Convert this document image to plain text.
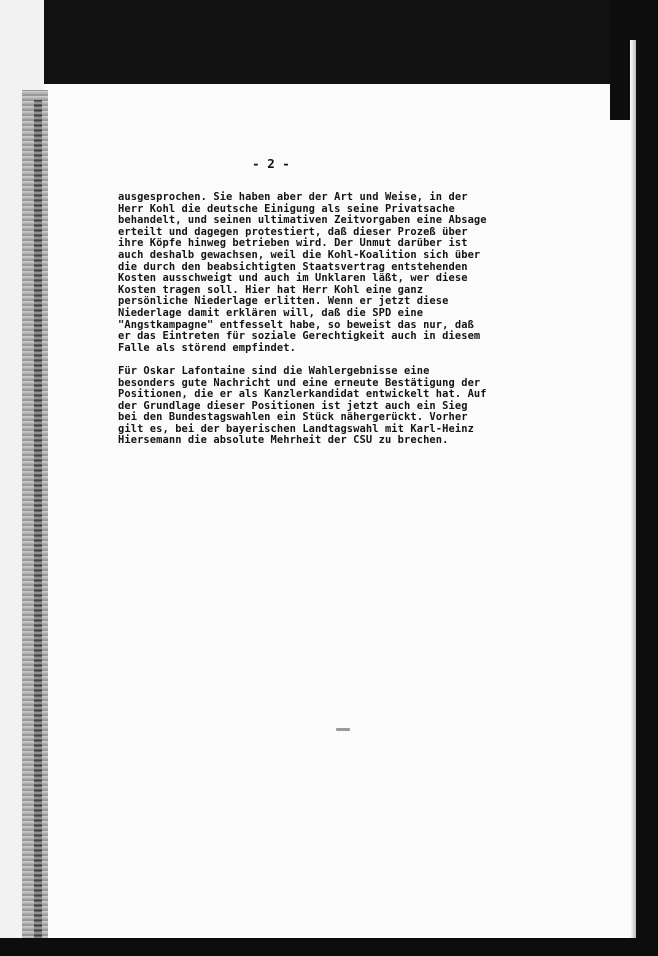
- 2 -
ausgesprochen. Sie haben aber der Art und Weise, in der
Herr Kohl die deutsche Einigung als seine Privatsache
behandelt, und seinen ultimativen Zeitvorgaben eine Absage
erteilt und dagegen protestiert, daß dieser Prozeß über
ihre Köpfe hinweg betrieben wird. Der Unmut darüber ist
auch deshalb gewachsen, weil die Kohl-Koalition sich über
die durch den beabsichtigten Staatsvertrag entstehenden
Kosten ausschweigt und auch im Unklaren läßt, wer diese
Kosten tragen soll. Hier hat Herr Kohl eine ganz
persönliche Niederlage erlitten. Wenn er jetzt diese
Niederlage damit erklären will, daß die SPD eine
"Angstkampagne" entfesselt habe, so beweist das nur, daß
er das Eintreten für soziale Gerechtigkeit auch in diesem
Falle als störend empfindet.
Für Oskar Lafontaine sind die Wahlergebnisse eine
besonders gute Nachricht und eine erneute Bestätigung der
Positionen, die er als Kanzlerkandidat entwickelt hat. Auf
der Grundlage dieser Positionen ist jetzt auch ein Sieg
bei den Bundestagswahlen ein Stück nähergerückt. Vorher
gilt es, bei der bayerischen Landtagswahl mit Karl-Heinz
Hiersemann die absolute Mehrheit der CSU zu brechen.
